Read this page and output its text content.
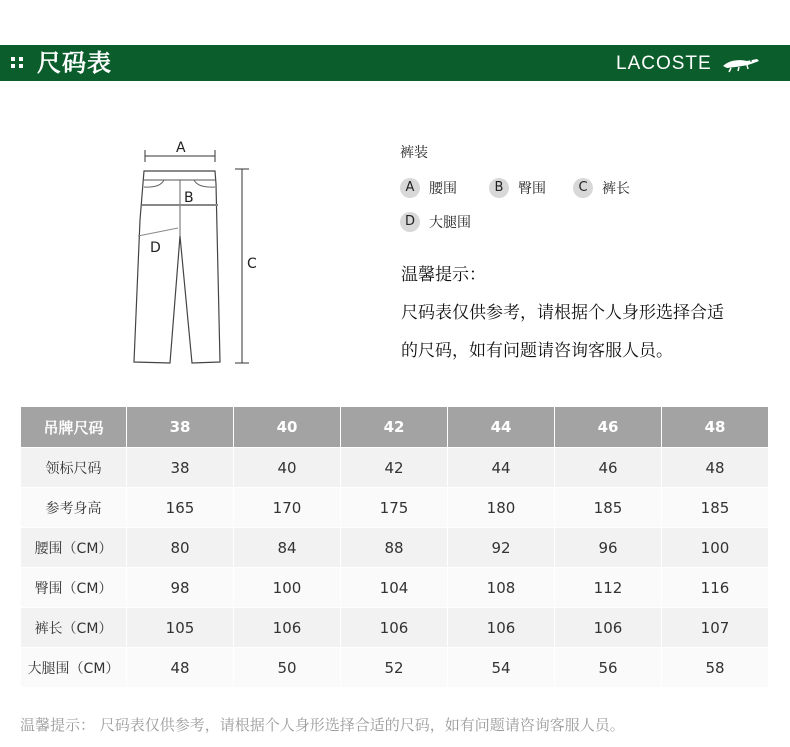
尺码表	LACOSTE
A
B
D
C
裤装
A	腰围	B	臀围	C	裤长
D	大腿围
温馨提示：
尺码表仅供参考，请根据个人身形选择合适
的尺码，如有问题请咨询客服人员。
吊牌尺码	38	40	42	44	46	48
领标尺码	38	40	42	44	46	48
参考身高	165	170	175	180	185	185
腰围（CM）	80	84	88	92	96	100
臀围（CM）	98	100	104	108	112	116
裤长（CM）	105	106	106	106	106	107
大腿围（CM）	48	50	52	54	56	58
温馨提示： 尺码表仅供参考，请根据个人身形选择合适的尺码，如有问题请咨询客服人员。
